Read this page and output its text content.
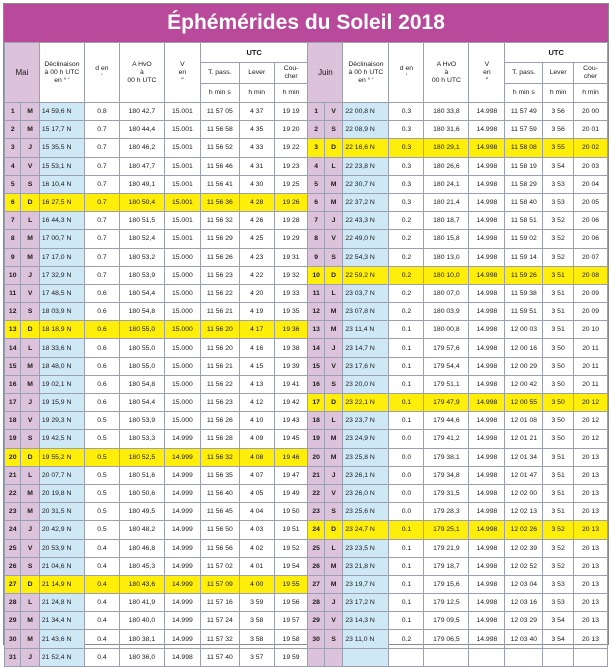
Éphémérides du Soleil 2018
Mai		Déclinaison
à 00 h UTC
en ° ′	d en
′	A HvO
à
00 h UTC	V
en
″	UTC			Juin		Déclinaison
à 00 h UTC
en ° ′	d en
′	A HvO
à
00 h UTC	V
en
″	UTC		
						T. pass.	Lever	Cou-
cher							T. pass.	Lever	Cou-
cher
						h min s	h min	h min							h min s	h min	h min
1	M	14 59,6 N	0.8	180 42,7	15.001	11 57 05	4 37	19 19	1	V	22 00,8 N	0.3	180 33,8	14.998	11 57 49	3 56	20 00
2	M	15 17,7 N	0.7	180 44,4	15.001	11 56 58	4 35	19 20	2	S	22 08,9 N	0.3	180 31,6	14.998	11 57 59	3 56	20 01
3	J	15 35,5 N	0.7	180 46,2	15.001	11 56 52	4 33	19 22	3	D	22 16,6 N	0.3	180 29,1	14.998	11 58 08	3 55	20 02
4	V	15 53,1 N	0.7	180 47,7	15.001	11 56 46	4 31	19 23	4	L	22 23,8 N	0.3	180 26,6	14.998	11 58 19	3 54	20 03
5	S	16 10,4 N	0.7	180 49,1	15.001	11 56 41	4 30	19 25	5	M	22 30,7 N	0.3	180 24,1	14.998	11 58 29	3 53	20 04
6	D	16 27,5 N	0.7	180 50,4	15.001	11 56 36	4 28	19 26	6	M	22 37,2 N	0.3	180 21,4	14.998	11 58 40	3 53	20 05
7	L	16 44,3 N	0.7	180 51,5	15.001	11 56 32	4 26	19 28	7	J	22 43,3 N	0.2	180 18,7	14.998	11 58 51	3 52	20 06
8	M	17 00,7 N	0.7	180 52,4	15.001	11 56 29	4 25	19 29	8	V	22 49,0 N	0.2	180 15,8	14.998	11 59 02	3 52	20 06
9	M	17 17,0 N	0.7	180 53,2	15.000	11 56 26	4 23	19 31	9	S	22 54,3 N	0.2	180 13,0	14.998	11 59 14	3 52	20 07
10	J	17 32,9 N	0.7	180 53,9	15.000	11 56 23	4 22	19 32	10	D	22 59,2 N	0.2	180 10,0	14.998	11 59 26	3 51	20 08
11	V	17 48,5 N	0.6	180 54,4	15.000	11 56 22	4 20	19 33	11	L	23 03,7 N	0.2	180 07,0	14.998	11 59 38	3 51	20 09
12	S	18 03,9 N	0.6	180 54,8	15.000	11 56 21	4 19	19 35	12	M	23 07,8 N	0.2	180 03,9	14.998	11 59 51	3 51	20 09
13	D	18 18,9 N	0.6	180 55,0	15.000	11 56 20	4 17	19 36	13	M	23 11,4 N	0.1	180 00,8	14.998	12 00 03	3 51	20 10
14	L	18 33,6 N	0.6	180 55,0	15.000	11 56 20	4 16	19 38	14	J	23 14,7 N	0.1	179 57,6	14.998	12 00 16	3 50	20 11
15	M	18 48,0 N	0.6	180 55,0	15.000	11 56 21	4 15	19 39	15	V	23 17,6 N	0.1	179 54,4	14.998	12 00 29	3 50	20 11
16	M	19 02,1 N	0.6	180 54,8	15.000	11 56 22	4 13	19 41	16	S	23 20,0 N	0.1	179 51,1	14.998	12 00 42	3 50	20 11
17	J	19 15,9 N	0.6	180 54,4	15.000	11 56 23	4 12	19 42	17	D	23 22,1 N	0.1	179 47,9	14.998	12 00 55	3 50	20 12
18	V	19 29,3 N	0.5	180 53,9	15.000	11 56 26	4 10	19 43	18	L	23 23,7 N	0.1	179 44,6	14.998	12 01 08	3 50	20 12
19	S	19 42,5 N	0.5	180 53,3	14.999	11 56 28	4 09	19 45	19	M	23 24,9 N	0.0	179 41,2	14.998	12 01 21	3 50	20 12
20	D	19 55,2 N	0.5	180 52,5	14.999	11 56 32	4 08	19 46	20	M	23 25,8 N	0.0	179 38,1	14.998	12 01 34	3 51	20 13
21	L	20 07,7 N	0.5	180 51,6	14.999	11 56 35	4 07	19 47	21	J	23 26,1 N	0.0	179 34,8	14.998	12 01 47	3 51	20 13
22	M	20 19,8 N	0.5	180 50,6	14.999	11 56 40	4 05	19 49	22	V	23 26,0 N	0.0	179 31,5	14.998	12 02 00	3 51	20 13
23	M	20 31,5 N	0.5	180 49,5	14.999	11 56 45	4 04	19 50	23	S	23 25,6 N	0.0	179 28,3	14.998	12 02 13	3 51	20 13
24	J	20 42,9 N	0.5	180 48,2	14.999	11 56 50	4 03	19 51	24	D	23 24,7 N	0.1	179 25,1	14.998	12 02 26	3 52	20 13
25	V	20 53,9 N	0.4	180 46,8	14.999	11 56 56	4 02	19 52	25	L	23 23,5 N	0.1	179 21,9	14.998	12 02 39	3 52	20 13
26	S	21 04,6 N	0.4	180 45,3	14.999	11 57 02	4 01	19 54	26	M	23 21,8 N	0.1	179 18,7	14.998	12 02 52	3 52	20 13
27	D	21 14,9 N	0.4	180 43,6	14.999	11 57 09	4 00	19 55	27	M	23 19,7 N	0.1	179 15,6	14.998	12 03 04	3 53	20 13
28	L	21 24,8 N	0.4	180 41,9	14.999	11 57 16	3 59	19 56	28	J	23 17,2 N	0.1	179 12,5	14.998	12 03 16	3 53	20 13
29	M	21 34,4 N	0.4	180 40,0	14.999	11 57 24	3 58	19 57	29	V	23 14,3 N	0.1	179 09,5	14.998	12 03 29	3 54	20 13
30	M	21 43,6 N	0.4	180 38,1	14.999	11 57 32	3 58	19 58	30	S	23 11,0 N	0.2	179 06,5	14.998	12 03 40	3 54	20 13
31	J	21 52,4 N	0.4	180 36,0	14.998	11 57 40	3 57	19 59									
